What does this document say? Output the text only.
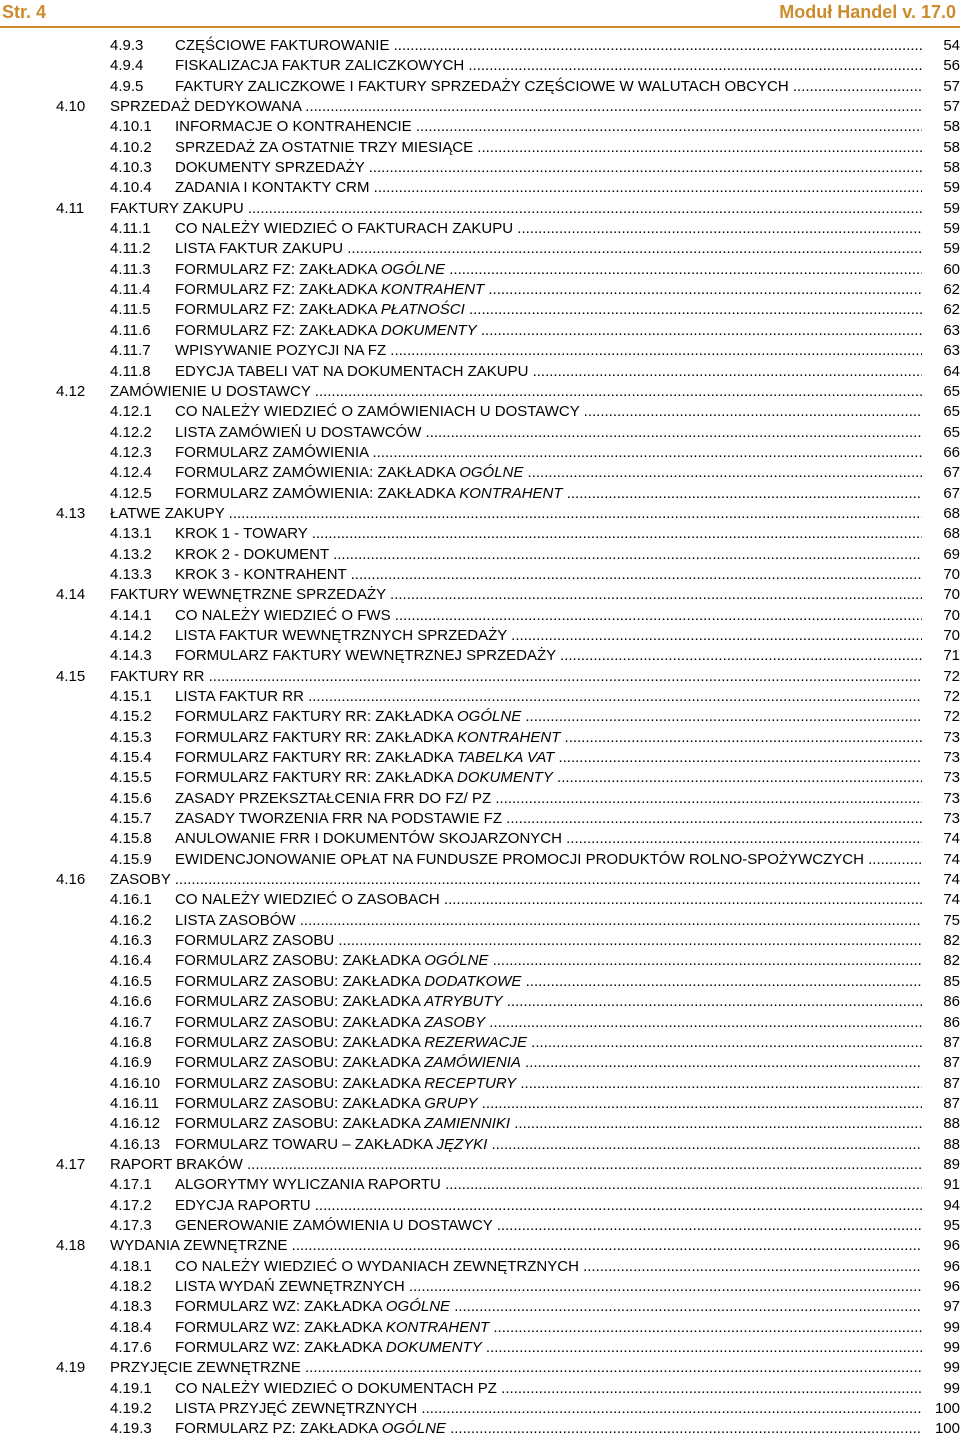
Str. 4	Moduł Handel v. 17.0
4.9.3 CZĘŚCIOWE FAKTUROWANIE .....	54
4.9.4 FISKALIZACJA FAKTUR ZALICZKOWYCH .....	56
4.9.5 FAKTURY ZALICZKOWE I FAKTURY SPRZEDAŻY CZĘŚCIOWE W WALUTACH OBCYCH .....	57
4.10 SPRZEDAŻ DEDYKOWANA .....	57
4.10.1 INFORMACJE O KONTRAHENCIE .....	58
4.10.2 SPRZEDAŻ ZA OSTATNIE TRZY MIESIĄCE .....	58
4.10.3 DOKUMENTY SPRZEDAŻY .....	58
4.10.4 ZADANIA I KONTAKTY CRM .....	59
4.11 FAKTURY ZAKUPU .....	59
4.11.1 CO NALEŻY WIEDZIEĆ O FAKTURACH ZAKUPU .....	59
4.11.2 LISTA FAKTUR ZAKUPU .....	59
4.11.3 FORMULARZ FZ: ZAKŁADKA OGÓLNE .....	60
4.11.4 FORMULARZ FZ: ZAKŁADKA KONTRAHENT .....	62
4.11.5 FORMULARZ FZ: ZAKŁADKA PŁATNOŚCI .....	62
4.11.6 FORMULARZ FZ: ZAKŁADKA DOKUMENTY .....	63
4.11.7 WPISYWANIE POZYCJI NA FZ .....	63
4.11.8 EDYCJA TABELI VAT NA DOKUMENTACH ZAKUPU .....	64
4.12 ZAMÓWIENIE U DOSTAWCY .....	65
4.12.1 CO NALEŻY WIEDZIEĆ O ZAMÓWIENIACH U DOSTAWCY .....	65
4.12.2 LISTA ZAMÓWIEŃ U DOSTAWCÓW .....	65
4.12.3 FORMULARZ ZAMÓWIENIA .....	66
4.12.4 FORMULARZ ZAMÓWIENIA: ZAKŁADKA OGÓLNE .....	67
4.12.5 FORMULARZ ZAMÓWIENIA: ZAKŁADKA KONTRAHENT .....	67
4.13 ŁATWE ZAKUPY .....	68
4.13.1 KROK 1 - TOWARY .....	68
4.13.2 KROK 2 - DOKUMENT .....	69
4.13.3 KROK 3 - KONTRAHENT .....	70
4.14 FAKTURY WEWNĘTRZNE SPRZEDAŻY .....	70
4.14.1 CO NALEŻY WIEDZIEĆ O FWS .....	70
4.14.2 LISTA FAKTUR WEWNĘTRZNYCH SPRZEDAŻY .....	70
4.14.3 FORMULARZ FAKTURY WEWNĘTRZNEJ SPRZEDAŻY .....	71
4.15 FAKTURY RR .....	72
4.15.1 LISTA FAKTUR RR .....	72
4.15.2 FORMULARZ FAKTURY RR: ZAKŁADKA OGÓLNE .....	72
4.15.3 FORMULARZ FAKTURY RR: ZAKŁADKA KONTRAHENT .....	73
4.15.4 FORMULARZ FAKTURY RR: ZAKŁADKA TABELKA VAT .....	73
4.15.5 FORMULARZ FAKTURY RR: ZAKŁADKA DOKUMENTY .....	73
4.15.6 ZASADY PRZEKSZTAŁCENIA FRR DO FZ/ PZ .....	73
4.15.7 ZASADY TWORZENIA FRR NA PODSTAWIE FZ .....	73
4.15.8 ANULOWANIE FRR I DOKUMENTÓW SKOJARZONYCH .....	74
4.15.9 EWIDENCJONOWANIE OPŁAT NA FUNDUSZE PROMOCJI PRODUKTÓW ROLNO-SPOŻYWCZYCH .....	74
4.16 ZASOBY .....	74
4.16.1 CO NALEŻY WIEDZIEĆ O ZASOBACH .....	74
4.16.2 LISTA ZASOBÓW .....	75
4.16.3 FORMULARZ ZASOBU .....	82
4.16.4 FORMULARZ ZASOBU: ZAKŁADKA OGÓLNE .....	82
4.16.5 FORMULARZ ZASOBU: ZAKŁADKA DODATKOWE .....	85
4.16.6 FORMULARZ ZASOBU: ZAKŁADKA ATRYBUTY .....	86
4.16.7 FORMULARZ ZASOBU: ZAKŁADKA ZASOBY .....	86
4.16.8 FORMULARZ ZASOBU: ZAKŁADKA REZERWACJE .....	87
4.16.9 FORMULARZ ZASOBU: ZAKŁADKA ZAMÓWIENIA .....	87
4.16.10 FORMULARZ ZASOBU: ZAKŁADKA RECEPTURY .....	87
4.16.11 FORMULARZ ZASOBU: ZAKŁADKA GRUPY .....	87
4.16.12 FORMULARZ ZASOBU: ZAKŁADKA ZAMIENNIKI .....	88
4.16.13 FORMULARZ TOWARU – ZAKŁADKA JĘZYKI .....	88
4.17 RAPORT BRAKÓW .....	89
4.17.1 ALGORYTMY WYLICZANIA RAPORTU .....	91
4.17.2 EDYCJA RAPORTU .....	94
4.17.3 GENEROWANIE ZAMÓWIENIA U DOSTAWCY .....	95
4.18 WYDANIA ZEWNĘTRZNE .....	96
4.18.1 CO NALEŻY WIEDZIEĆ O WYDANIACH ZEWNĘTRZNYCH .....	96
4.18.2 LISTA WYDAŃ ZEWNĘTRZNYCH .....	96
4.18.3 FORMULARZ WZ: ZAKŁADKA OGÓLNE .....	97
4.18.4 FORMULARZ WZ: ZAKŁADKA KONTRAHENT .....	99
4.17.6 FORMULARZ WZ: ZAKŁADKA DOKUMENTY .....	99
4.19 PRZYJĘCIE ZEWNĘTRZNE .....	99
4.19.1 CO NALEŻY WIEDZIEĆ O DOKUMENTACH PZ .....	99
4.19.2 LISTA PRZYJĘĆ ZEWNĘTRZNYCH .....	100
4.19.3 FORMULARZ PZ: ZAKŁADKA OGÓLNE .....	100
